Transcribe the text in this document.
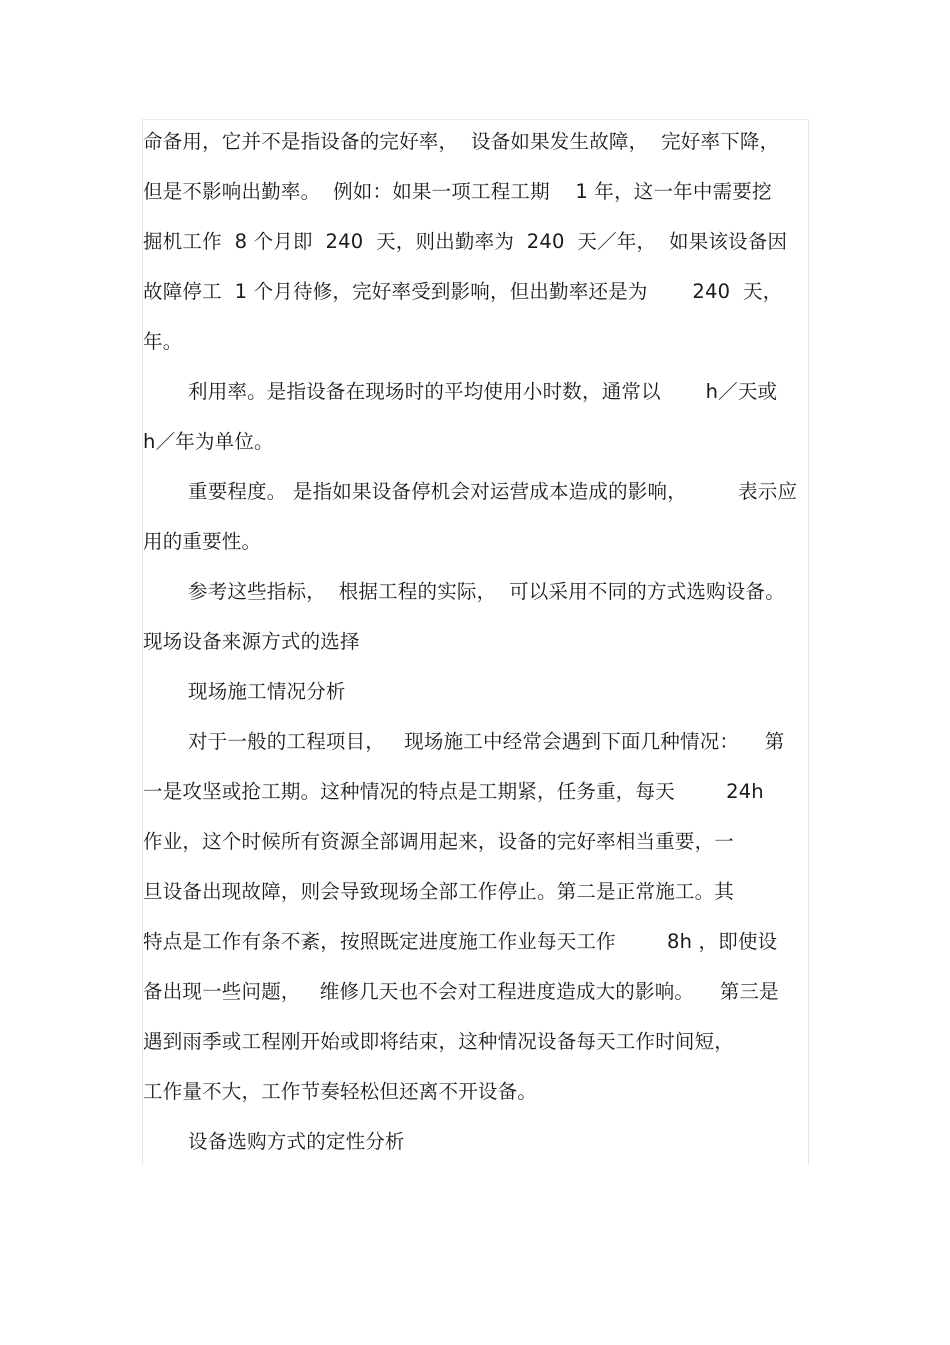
命备用，它并不是指设备的完好率，  设备如果发生故障，  完好率下降，
但是不影响出勤率。  例如：如果一项工程工期    1 年，这一年中需要挖
掘机工作  8 个月即  240  天，则出勤率为  240  天／年，  如果该设备因
故障停工  1 个月待修，完好率受到影响，但出勤率还是为       240  天，
年。
利用率。是指设备在现场时的平均使用小时数，通常以       h／天或
h／年为单位。
重要程度。 是指如果设备停机会对运营成本造成的影响，        表示应
用的重要性。
参考这些指标，  根据工程的实际，  可以采用不同的方式选购设备。
现场设备来源方式的选择
现场施工情况分析
对于一般的工程项目，   现场施工中经常会遇到下面几种情况：    第
一是攻坚或抢工期。这种情况的特点是工期紧，任务重，每天        24h
作业，这个时候所有资源全部调用起来，设备的完好率相当重要，一
旦设备出现故障，则会导致现场全部工作停止。第二是正常施工。其
特点是工作有条不紊，按照既定进度施工作业每天工作        8h ，即使设
备出现一些问题，   维修几天也不会对工程进度造成大的影响。    第三是
遇到雨季或工程刚开始或即将结束，这种情况设备每天工作时间短，
工作量不大，工作节奏轻松但还离不开设备。
设备选购方式的定性分析
